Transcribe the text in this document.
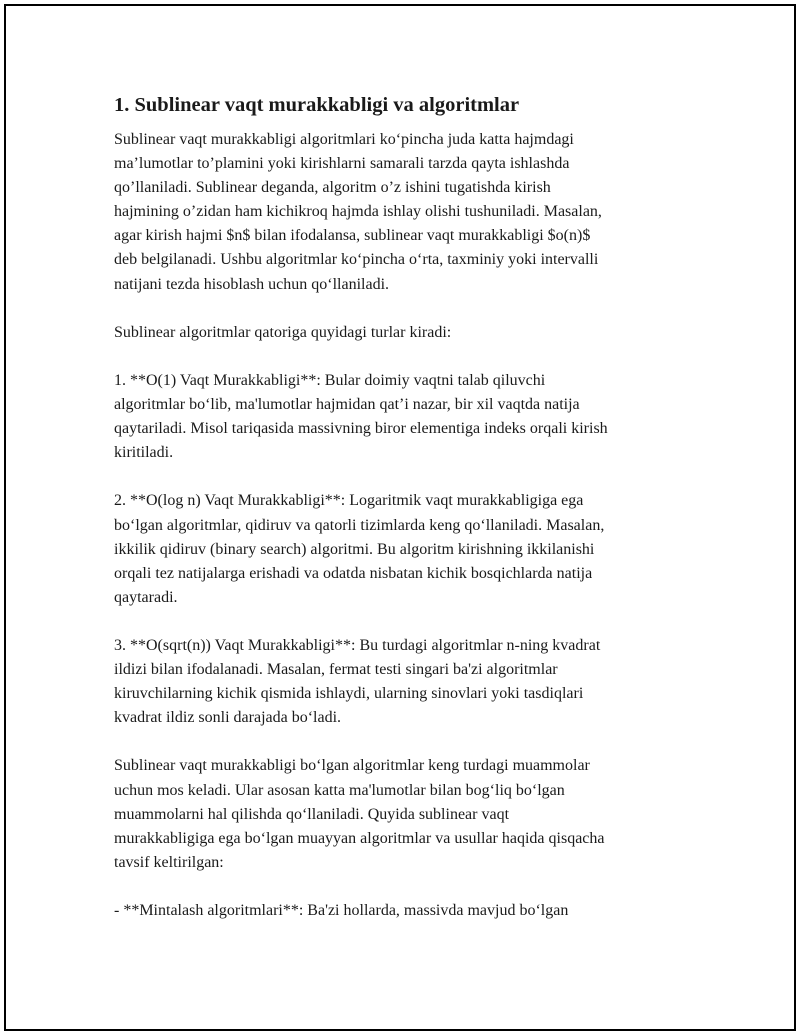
1. Sublinear vaqt murakkabligi va algoritmlar

Sublinear vaqt murakkabligi algoritmlari ko‘pincha juda katta hajmdagi
ma’lumotlar to’plamini yoki kirishlarni samarali tarzda qayta ishlashda
qo’llaniladi. Sublinear deganda, algoritm o’z ishini tugatishda kirish
hajmining o’zidan ham kichikroq hajmda ishlay olishi tushuniladi. Masalan,
agar kirish hajmi $n$ bilan ifodalansa, sublinear vaqt murakkabligi $o(n)$
deb belgilanadi. Ushbu algoritmlar ko‘pincha o‘rta, taxminiy yoki intervalli
natijani tezda hisoblash uchun qo‘llaniladi.

Sublinear algoritmlar qatoriga quyidagi turlar kiradi:

1. **O(1) Vaqt Murakkabligi**: Bular doimiy vaqtni talab qiluvchi
algoritmlar bo‘lib, ma'lumotlar hajmidan qat’i nazar, bir xil vaqtda natija
qaytariladi. Misol tariqasida massivning biror elementiga indeks orqali kirish
kiritiladi.

2. **O(log n) Vaqt Murakkabligi**: Logaritmik vaqt murakkabligiga ega
bo‘lgan algoritmlar, qidiruv va qatorli tizimlarda keng qo‘llaniladi. Masalan,
ikkilik qidiruv (binary search) algoritmi. Bu algoritm kirishning ikkilanishi
orqali tez natijalarga erishadi va odatda nisbatan kichik bosqichlarda natija
qaytaradi.

3. **O(sqrt(n)) Vaqt Murakkabligi**: Bu turdagi algoritmlar n-ning kvadrat
ildizi bilan ifodalanadi. Masalan, fermat testi singari ba'zi algoritmlar
kiruvchilarning kichik qismida ishlaydi, ularning sinovlari yoki tasdiqlari
kvadrat ildiz sonli darajada bo‘ladi.

Sublinear vaqt murakkabligi bo‘lgan algoritmlar keng turdagi muammolar
uchun mos keladi. Ular asosan katta ma'lumotlar bilan bog‘liq bo‘lgan
muammolarni hal qilishda qo‘llaniladi. Quyida sublinear vaqt
murakkabligiga ega bo‘lgan muayyan algoritmlar va usullar haqida qisqacha
tavsif keltirilgan:

- **Mintalash algoritmlari**: Ba'zi hollarda, massivda mavjud bo‘lgan
